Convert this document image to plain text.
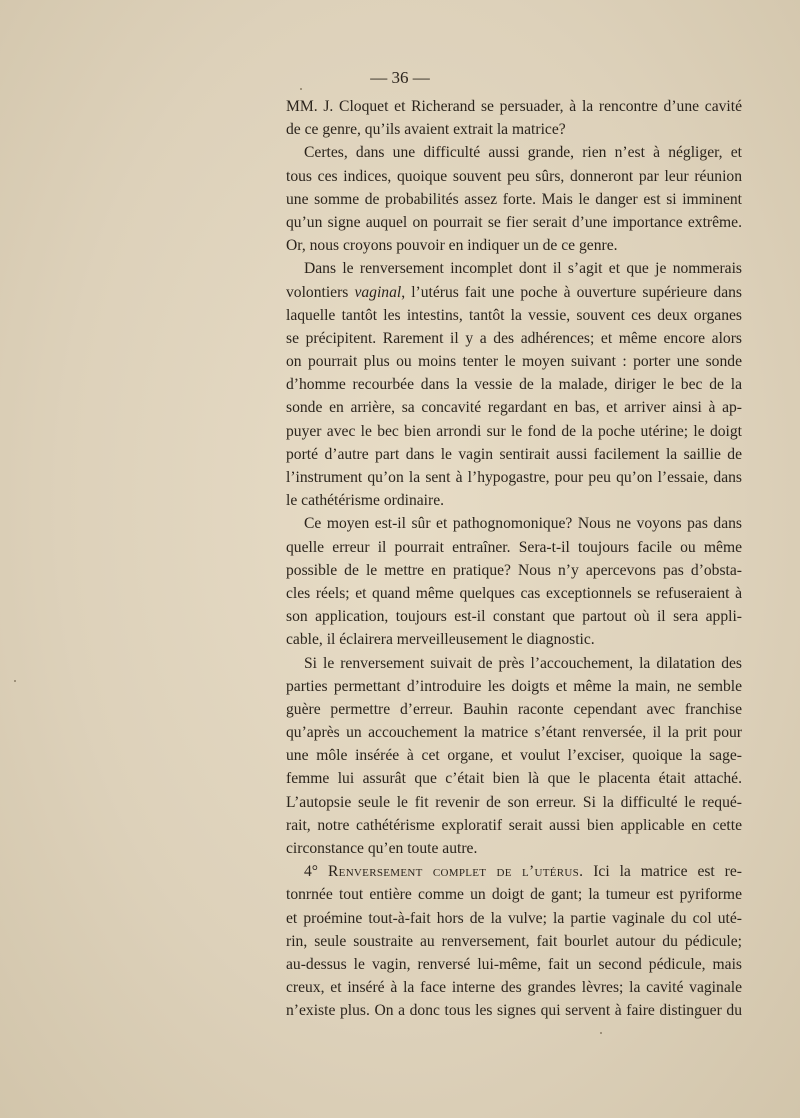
— 36 —
MM. J. Cloquet et Richerand se persuader, à la rencontre d’une cavité
de ce genre, qu’ils avaient extrait la matrice?
Certes, dans une difficulté aussi grande, rien n’est à négliger, et
tous ces indices, quoique souvent peu sûrs, donneront par leur réunion
une somme de probabilités assez forte. Mais le danger est si imminent
qu’un signe auquel on pourrait se fier serait d’une importance extrême.
Or, nous croyons pouvoir en indiquer un de ce genre.
Dans le renversement incomplet dont il s’agit et que je nommerais
volontiers vaginal, l’utérus fait une poche à ouverture supérieure dans
laquelle tantôt les intestins, tantôt la vessie, souvent ces deux organes
se précipitent. Rarement il y a des adhérences; et même encore alors
on pourrait plus ou moins tenter le moyen suivant : porter une sonde
d’homme recourbée dans la vessie de la malade, diriger le bec de la
sonde en arrière, sa concavité regardant en bas, et arriver ainsi à ap-
puyer avec le bec bien arrondi sur le fond de la poche utérine; le doigt
porté d’autre part dans le vagin sentirait aussi facilement la saillie de
l’instrument qu’on la sent à l’hypogastre, pour peu qu’on l’essaie, dans
le cathétérisme ordinaire.
Ce moyen est-il sûr et pathognomonique? Nous ne voyons pas dans
quelle erreur il pourrait entraîner. Sera-t-il toujours facile ou même
possible de le mettre en pratique? Nous n’y apercevons pas d’obsta-
cles réels; et quand même quelques cas exceptionnels se refuseraient à
son application, toujours est-il constant que partout où il sera appli-
cable, il éclairera merveilleusement le diagnostic.
Si le renversement suivait de près l’accouchement, la dilatation des
parties permettant d’introduire les doigts et même la main, ne semble
guère permettre d’erreur. Bauhin raconte cependant avec franchise
qu’après un accouchement la matrice s’étant renversée, il la prit pour
une môle insérée à cet organe, et voulut l’exciser, quoique la sage-
femme lui assurât que c’était bien là que le placenta était attaché.
L’autopsie seule le fit revenir de son erreur. Si la difficulté le requé-
rait, notre cathétérisme exploratif serait aussi bien applicable en cette
circonstance qu’en toute autre.
4° Renversement complet de l’utérus. Ici la matrice est re-
tonrnée tout entière comme un doigt de gant; la tumeur est pyriforme
et proémine tout-à-fait hors de la vulve; la partie vaginale du col uté-
rin, seule soustraite au renversement, fait bourlet autour du pédicule;
au-dessus le vagin, renversé lui-même, fait un second pédicule, mais
creux, et inséré à la face interne des grandes lèvres; la cavité vaginale
n’existe plus. On a donc tous les signes qui servent à faire distinguer du
